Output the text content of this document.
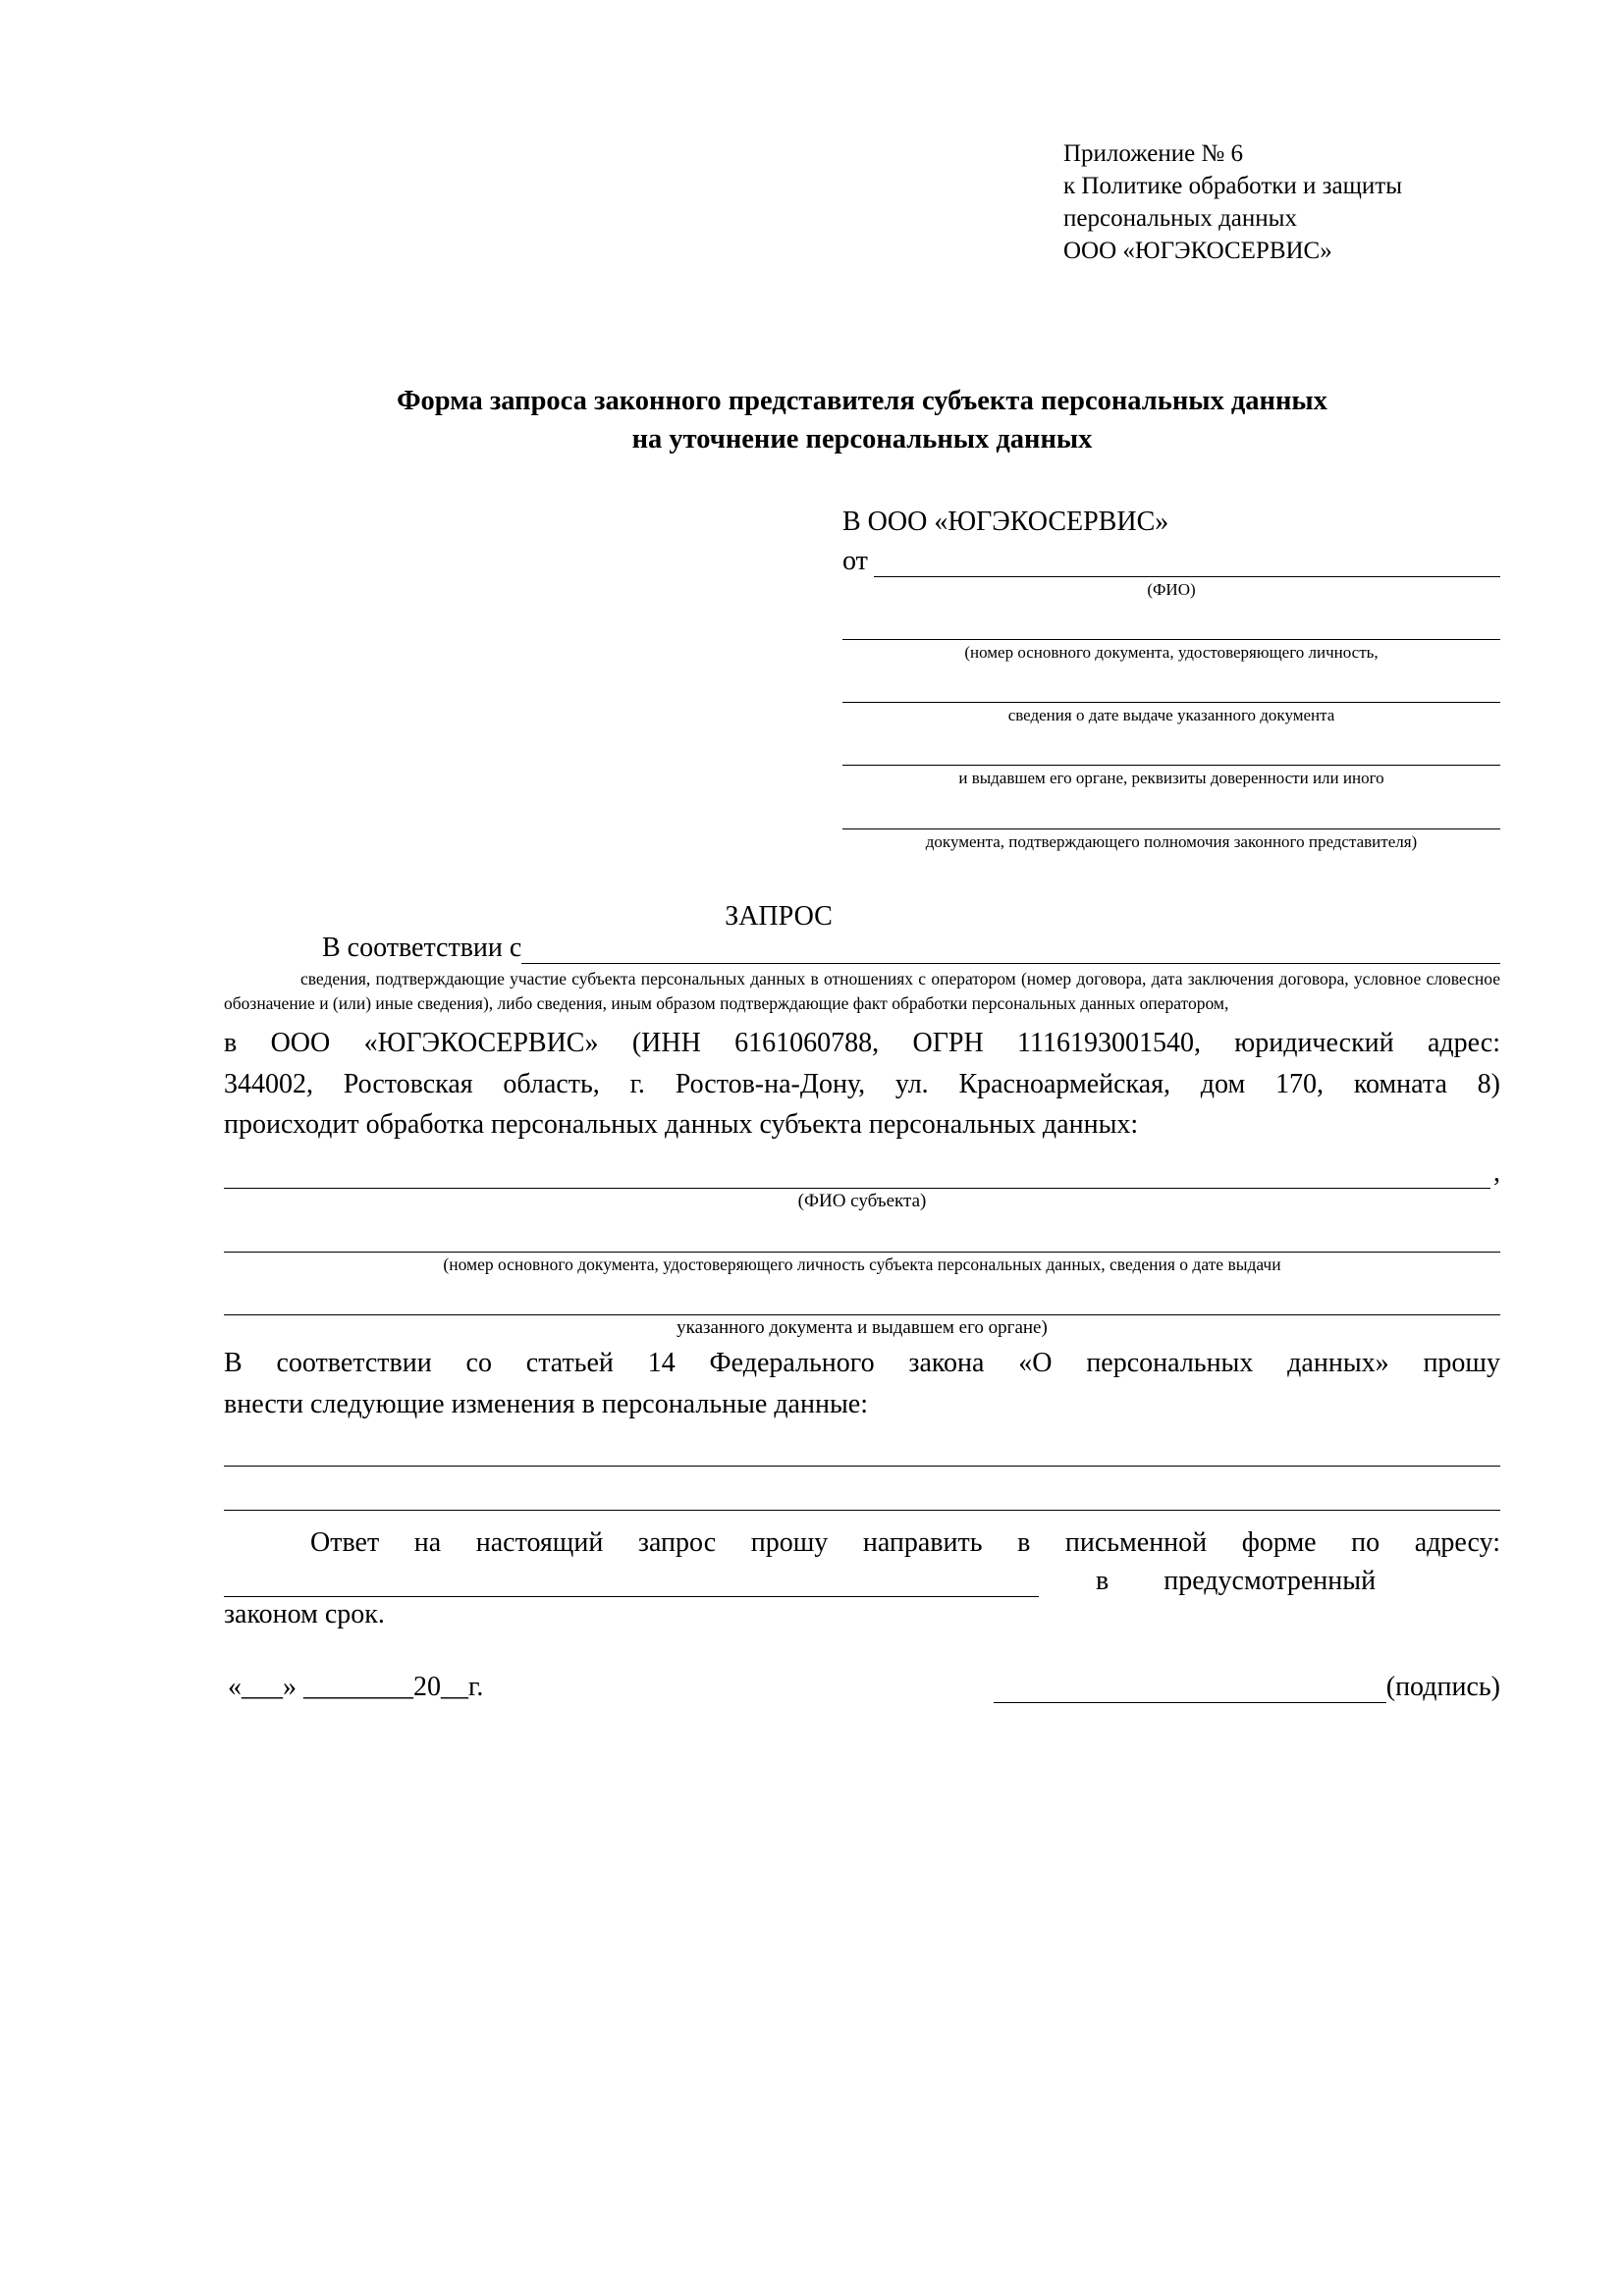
Приложение № 6
к Политике обработки и защиты
персональных данных
ООО «ЮГЭКОСЕРВИС»
Форма запроса законного представителя субъекта персональных данных
на уточнение персональных данных
В ООО «ЮГЭКОСЕРВИС»
от
(ФИО)
(номер основного документа, удостоверяющего личность,
сведения о дате выдаче указанного документа
и выдавшем его органе, реквизиты доверенности или иного
документа, подтверждающего полномочия законного представителя)
ЗАПРОС
В соответствии с
сведения, подтверждающие участие субъекта персональных данных в отношениях с оператором (номер договора, дата заключения договора, условное словесное обозначение и (или) иные сведения), либо сведения, иным образом подтверждающие факт обработки персональных данных оператором,
в ООО «ЮГЭКОСЕРВИС» (ИНН 6161060788, ОГРН 1116193001540, юридический адрес:
344002, Ростовская область, г. Ростов-на-Дону, ул. Красноармейская, дом 170, комната 8)
происходит обработка персональных данных субъекта персональных данных:
,
(ФИО субъекта)
(номер основного документа, удостоверяющего личность субъекта персональных данных, сведения о дате выдачи
указанного документа и выдавшем его органе)
В соответствии со статьей 14 Федерального закона «О персональных данных» прошу
внести следующие изменения в персональные данные:
Ответ на настоящий запрос прошу направить в письменной форме по адресу:
в	предусмотренный
законом срок.
«___» ________20__г.	(подпись)
